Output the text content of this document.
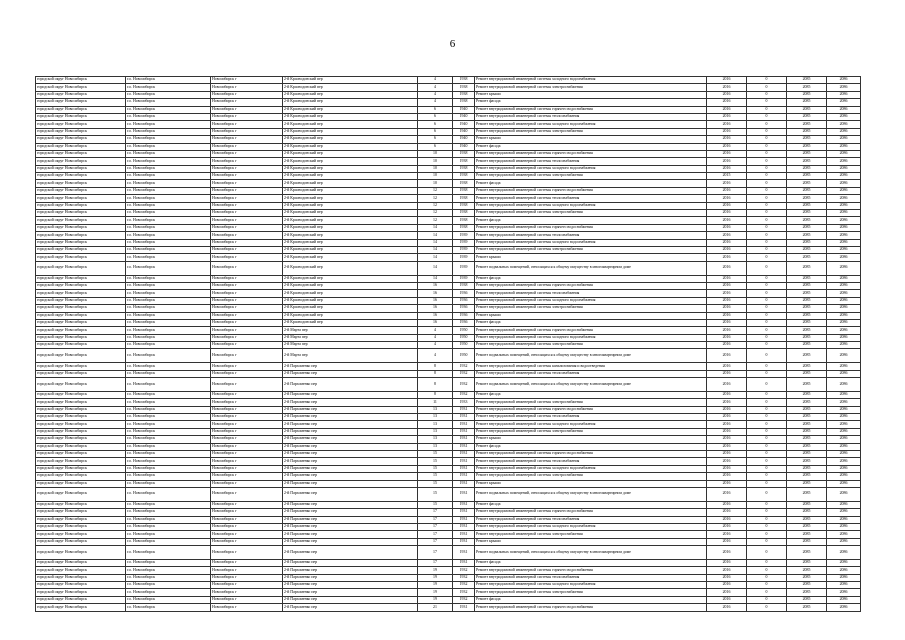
6
городской округ Новосибирск	г.о. Новосибирск	Новосибирск г	2-й Краснодонский пер	4	1938	Ремонт внутридомовой инженерной системы холодного водоснабжения	2016	0	2085	2086
городской округ Новосибирск	г.о. Новосибирск	Новосибирск г	2-й Краснодонский пер	4	1938	Ремонт внутридомовой инженерной системы электроснабжения	2016	0	2085	2086
городской округ Новосибирск	г.о. Новосибирск	Новосибирск г	2-й Краснодонский пер	4	1938	Ремонт крыши	2016	0	2085	2086
городской округ Новосибирск	г.о. Новосибирск	Новосибирск г	2-й Краснодонский пер	4	1938	Ремонт фасада	2016	0	2085	2086
городской округ Новосибирск	г.о. Новосибирск	Новосибирск г	2-й Краснодонский пер	6	1940	Ремонт внутридомовой инженерной системы горячего водоснабжения	2016	0	2085	2086
городской округ Новосибирск	г.о. Новосибирск	Новосибирск г	2-й Краснодонский пер	6	1940	Ремонт внутридомовой инженерной системы теплоснабжения	2016	0	2085	2086
городской округ Новосибирск	г.о. Новосибирск	Новосибирск г	2-й Краснодонский пер	6	1940	Ремонт внутридомовой инженерной системы холодного водоснабжения	2016	0	2085	2086
городской округ Новосибирск	г.о. Новосибирск	Новосибирск г	2-й Краснодонский пер	6	1940	Ремонт внутридомовой инженерной системы электроснабжения	2016	0	2085	2086
городской округ Новосибирск	г.о. Новосибирск	Новосибирск г	2-й Краснодонский пер	6	1940	Ремонт крыши	2016	0	2085	2086
городской округ Новосибирск	г.о. Новосибирск	Новосибирск г	2-й Краснодонский пер	6	1940	Ремонт фасада	2016	0	2085	2086
городской округ Новосибирск	г.о. Новосибирск	Новосибирск г	2-й Краснодонский пер	10	1938	Ремонт внутридомовой инженерной системы горячего водоснабжения	2016	0	2085	2086
городской округ Новосибирск	г.о. Новосибирск	Новосибирск г	2-й Краснодонский пер	10	1938	Ремонт внутридомовой инженерной системы теплоснабжения	2016	0	2085	2086
городской округ Новосибирск	г.о. Новосибирск	Новосибирск г	2-й Краснодонский пер	10	1938	Ремонт внутридомовой инженерной системы холодного водоснабжения	2016	0	2085	2086
городской округ Новосибирск	г.о. Новосибирск	Новосибирск г	2-й Краснодонский пер	10	1938	Ремонт внутридомовой инженерной системы электроснабжения	2015	0	2085	2086
городской округ Новосибирск	г.о. Новосибирск	Новосибирск г	2-й Краснодонский пер	10	1938	Ремонт фасада	2016	0	2085	2086
городской округ Новосибирск	г.о. Новосибирск	Новосибирск г	2-й Краснодонский пер	12	1938	Ремонт внутридомовой инженерной системы горячего водоснабжения	2016	0	2085	2086
городской округ Новосибирск	г.о. Новосибирск	Новосибирск г	2-й Краснодонский пер	12	1938	Ремонт внутридомовой инженерной системы теплоснабжения	2016	0	2085	2086
городской округ Новосибирск	г.о. Новосибирск	Новосибирск г	2-й Краснодонский пер	12	1938	Ремонт внутридомовой инженерной системы холодного водоснабжения	2016	0	2085	2086
городской округ Новосибирск	г.о. Новосибирск	Новосибирск г	2-й Краснодонский пер	12	1938	Ремонт внутридомовой инженерной системы электроснабжения	2016	0	2085	2086
городской округ Новосибирск	г.о. Новосибирск	Новосибирск г	2-й Краснодонский пер	12	1938	Ремонт фасада	2016	0	2085	2086
городской округ Новосибирск	г.о. Новосибирск	Новосибирск г	2-й Краснодонский пер	14	1938	Ремонт внутридомовой инженерной системы горячего водоснабжения	2016	0	2085	2086
городской округ Новосибирск	г.о. Новосибирск	Новосибирск г	2-й Краснодонский пер	14	1939	Ремонт внутридомовой инженерной системы теплоснабжения	2016	0	2085	2086
городской округ Новосибирск	г.о. Новосибирск	Новосибирск г	2-й Краснодонский пер	14	1939	Ремонт внутридомовой инженерной системы холодного водоснабжения	2016	0	2085	2086
городской округ Новосибирск	г.о. Новосибирск	Новосибирск г	2-й Краснодонский пер	14	1939	Ремонт внутридомовой инженерной системы электроснабжения	2016	0	2085	2086
городской округ Новосибирск	г.о. Новосибирск	Новосибирск г	2-й Краснодонский пер	14	1939	Ремонт крыши	2016	0	2085	2086
городской округ Новосибирск	г.о. Новосибирск	Новосибирск г	2-й Краснодонский пер	14	1939	Ремонт подвальных помещений, относящихся к общему имуществу в многоквартирном доме	2016	0	2085	2086
городской округ Новосибирск	г.о. Новосибирск	Новосибирск г	2-й Краснодонский пер	14	1939	Ремонт фасада	2016	0	2085	2086
городской округ Новосибирск	г.о. Новосибирск	Новосибирск г	2-й Краснодонский пер	16	1938	Ремонт внутридомовой инженерной системы горячего водоснабжения	2016	0	2085	2086
городской округ Новосибирск	г.о. Новосибирск	Новосибирск г	2-й Краснодонский пер	16	1936	Ремонт внутридомовой инженерной системы теплоснабжения	2016	0	2085	2086
городской округ Новосибирск	г.о. Новосибирск	Новосибирск г	2-й Краснодонский пер	16	1936	Ремонт внутридомовой инженерной системы холодного водоснабжения	2016	0	2085	2086
городской округ Новосибирск	г.о. Новосибирск	Новосибирск г	2-й Краснодонский пер	16	1936	Ремонт внутридомовой инженерной системы электроснабжения	2016	0	2085	2086
городской округ Новосибирск	г.о. Новосибирск	Новосибирск г	2-й Краснодонский пер	16	1936	Ремонт крыши	2016	0	2085	2086
городской округ Новосибирск	г.о. Новосибирск	Новосибирск г	2-й Краснодонский пер	16	1936	Ремонт фасада	2016	0	2085	2086
городской округ Новосибирск	г.о. Новосибирск	Новосибирск г	2-й Марта пер	4	1950	Ремонт внутридомовой инженерной системы горячего водоснабжения	2016	0	2085	2086
городской округ Новосибирск	г.о. Новосибирск	Новосибирск г	2-й Марта пер	4	1950	Ремонт внутридомовой инженерной системы холодного водоснабжения	2016	0	2085	2086
городской округ Новосибирск	г.о. Новосибирск	Новосибирск г	2-й Марта пер	4	1950	Ремонт внутридомовой инженерной системы электроснабжения	2016	0	2085	2086
городской округ Новосибирск	г.о. Новосибирск	Новосибирск г	2-й Марта пер	4	1950	Ремонт подвальных помещений, относящихся к общему имуществу в многоквартирном доме	2016	0	2085	2086
городской округ Новосибирск	г.о. Новосибирск	Новосибирск г	2-й Пархоменко пер	8	1932	Ремонт внутридомовой инженерной системы канализования и водоотведения	2016	0	2085	2086
городской округ Новосибирск	г.о. Новосибирск	Новосибирск г	2-й Пархоменко пер	8	1932	Ремонт внутридомовой инженерной системы теплоснабжения	2016	0	2085	2086
городской округ Новосибирск	г.о. Новосибирск	Новосибирск г	2-й Пархоменко пер	8	1932	Ремонт подвальных помещений, относящихся к общему имуществу в многоквартирном доме	2016	0	2085	2086
городской округ Новосибирск	г.о. Новосибирск	Новосибирск г	2-й Пархоменко пер	8	1932	Ремонт фасада	2016	0	2085	2086
городской округ Новосибирск	г.о. Новосибирск	Новосибирск г	2-й Пархоменко пер	11	1933	Ремонт внутридомовой инженерной системы электроснабжения	2016	0	2085	2086
городской округ Новосибирск	г.о. Новосибирск	Новосибирск г	2-й Пархоменко пер	13	1931	Ремонт внутридомовой инженерной системы горячего водоснабжения	2016	0	2085	2086
городской округ Новосибирск	г.о. Новосибирск	Новосибирск г	2-й Пархоменко пер	13	1931	Ремонт внутридомовой инженерной системы теплоснабжения	2016	0	2085	2086
городской округ Новосибирск	г.о. Новосибирск	Новосибирск г	2-й Пархоменко пер	13	1931	Ремонт внутридомовой инженерной системы холодного водоснабжения	2016	0	2085	2086
городской округ Новосибирск	г.о. Новосибирск	Новосибирск г	2-й Пархоменко пер	13	1931	Ремонт внутридомовой инженерной системы электроснабжения	2016	0	2085	2086
городской округ Новосибирск	г.о. Новосибирск	Новосибирск г	2-й Пархоменко пер	13	1931	Ремонт крыши	2016	0	2085	2086
городской округ Новосибирск	г.о. Новосибирск	Новосибирск г	2-й Пархоменко пер	13	1931	Ремонт фасада	2016	0	2085	2086
городской округ Новосибирск	г.о. Новосибирск	Новосибирск г	2-й Пархоменко пер	15	1931	Ремонт внутридомовой инженерной системы горячего водоснабжения	2016	0	2085	2086
городской округ Новосибирск	г.о. Новосибирск	Новосибирск г	2-й Пархоменко пер	15	1931	Ремонт внутридомовой инженерной системы теплоснабжения	2016	0	2085	2086
городской округ Новосибирск	г.о. Новосибирск	Новосибирск г	2-й Пархоменко пер	15	1931	Ремонт внутридомовой инженерной системы холодного водоснабжения	2016	0	2085	2086
городской округ Новосибирск	г.о. Новосибирск	Новосибирск г	2-й Пархоменко пер	15	1931	Ремонт внутридомовой инженерной системы электроснабжения	2016	0	2085	2086
городской округ Новосибирск	г.о. Новосибирск	Новосибирск г	2-й Пархоменко пер	15	1931	Ремонт крыши	2016	0	2085	2086
городской округ Новосибирск	г.о. Новосибирск	Новосибирск г	2-й Пархоменко пер	15	1931	Ремонт подвальных помещений, относящихся к общему имуществу в многоквартирном доме	2016	0	2085	2086
городской округ Новосибирск	г.о. Новосибирск	Новосибирск г	2-й Пархоменко пер	15	1931	Ремонт фасада	2016	0	2085	2086
городской округ Новосибирск	г.о. Новосибирск	Новосибирск г	2-й Пархоменко пер	17	1931	Ремонт внутридомовой инженерной системы горячего водоснабжения	2016	0	2085	2086
городской округ Новосибирск	г.о. Новосибирск	Новосибирск г	2-й Пархоменко пер	17	1931	Ремонт внутридомовой инженерной системы теплоснабжения	2016	0	2085	2086
городской округ Новосибирск	г.о. Новосибирск	Новосибирск г	2-й Пархоменко пер	17	1931	Ремонт внутридомовой инженерной системы холодного водоснабжения	2016	0	2085	2086
городской округ Новосибирск	г.о. Новосибирск	Новосибирск г	2-й Пархоменко пер	17	1931	Ремонт внутридомовой инженерной системы электроснабжения	2016	0	2085	2086
городской округ Новосибирск	г.о. Новосибирск	Новосибирск г	2-й Пархоменко пер	17	1931	Ремонт крыши	2016	0	2085	2086
городской округ Новосибирск	г.о. Новосибирск	Новосибирск г	2-й Пархоменко пер	17	1931	Ремонт подвальных помещений, относящихся к общему имуществу в многоквартирном доме	2016	0	2085	2086
городской округ Новосибирск	г.о. Новосибирск	Новосибирск г	2-й Пархоменко пер	17	1931	Ремонт фасада	2016	0	2085	2086
городской округ Новосибирск	г.о. Новосибирск	Новосибирск г	2-й Пархоменко пер	19	1932	Ремонт внутридомовой инженерной системы горячего водоснабжения	2016	0	2085	2086
городской округ Новосибирск	г.о. Новосибирск	Новосибирск г	2-й Пархоменко пер	19	1932	Ремонт внутридомовой инженерной системы теплоснабжения	2016	0	2085	2086
городской округ Новосибирск	г.о. Новосибирск	Новосибирск г	2-й Пархоменко пер	19	1932	Ремонт внутридомовой инженерной системы холодного водоснабжения	2016	0	2085	2086
городской округ Новосибирск	г.о. Новосибирск	Новосибирск г	2-й Пархоменко пер	19	1932	Ремонт внутридомовой инженерной системы электроснабжения	2016	0	2085	2086
городской округ Новосибирск	г.о. Новосибирск	Новосибирск г	2-й Пархоменко пер	19	1932	Ремонт фасада	2016	0	2085	2086
городской округ Новосибирск	г.о. Новосибирск	Новосибирск г	2-й Пархоменко пер	21	1931	Ремонт внутридомовой инженерной системы горячего водоснабжения	2016	0	2085	2086
